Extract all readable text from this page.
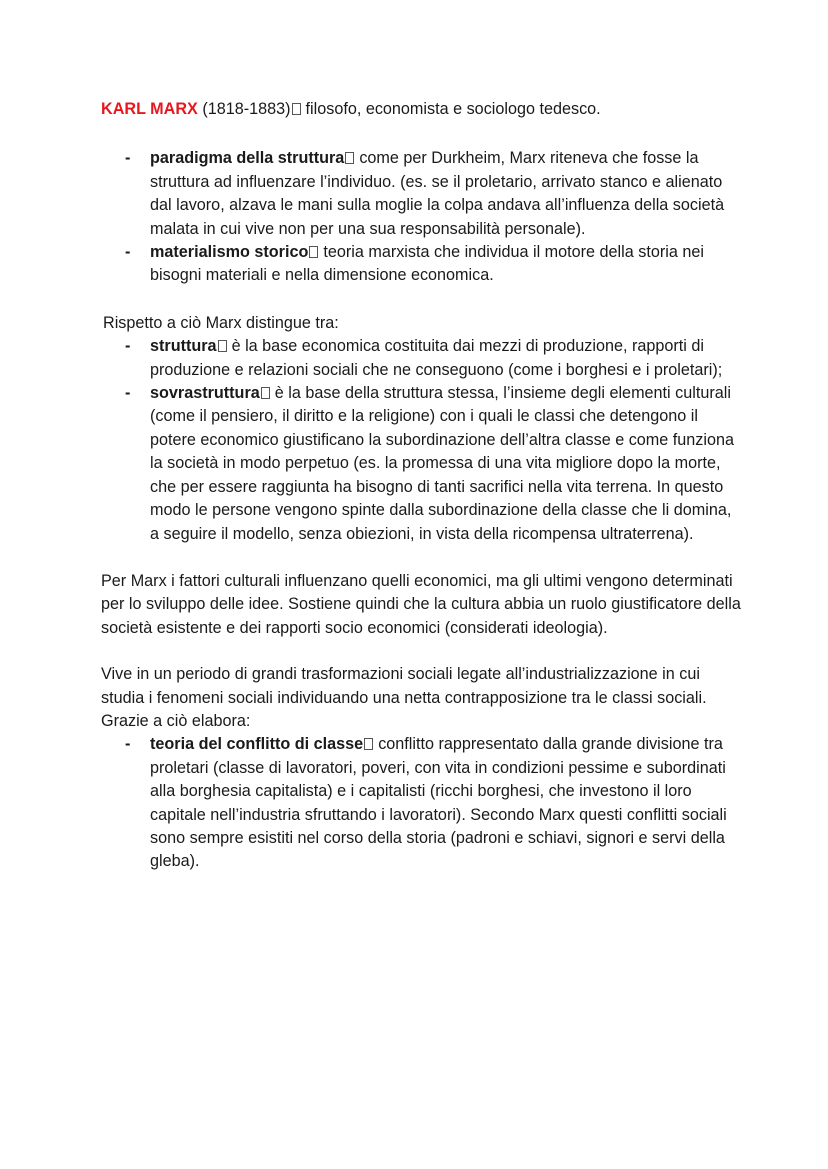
KARL MARX (1818-1883) filosofo, economista e sociologo tedesco.

- paradigma della struttura come per Durkheim, Marx riteneva che fosse la struttura ad influenzare l’individuo. (es. se il proletario, arrivato stanco e alienato dal lavoro, alzava le mani sulla moglie la colpa andava all’influenza della società malata in cui vive non per una sua responsabilità personale).
- materialismo storico teoria marxista che individua il motore della storia nei bisogni materiali e nella dimensione economica.

Rispetto a ciò Marx distingue tra:

- struttura è la base economica costituita dai mezzi di produzione, rapporti di produzione e relazioni sociali che ne conseguono (come i borghesi e i proletari);
- sovrastruttura è la base della struttura stessa, l’insieme degli elementi culturali (come il pensiero, il diritto e la religione) con i quali le classi che detengono il potere economico giustificano la subordinazione dell’altra classe e come funziona la società in modo perpetuo (es. la promessa di una vita migliore dopo la morte, che per essere raggiunta ha bisogno di tanti sacrifici nella vita terrena. In questo modo le persone vengono spinte dalla subordinazione della classe che li domina, a seguire il modello, senza obiezioni, in vista della ricompensa ultraterrena).

Per Marx i fattori culturali influenzano quelli economici, ma gli ultimi vengono determinati per lo sviluppo delle idee. Sostiene quindi che la cultura abbia un ruolo giustificatore della società esistente e dei rapporti socio economici (considerati ideologia).

Vive in un periodo di grandi trasformazioni sociali legate all’industrializzazione in cui studia i fenomeni sociali individuando una netta contrapposizione tra le classi sociali.

Grazie a ciò elabora:

- teoria del conflitto di classe conflitto rappresentato dalla grande divisione tra proletari (classe di lavoratori, poveri, con vita in condizioni pessime e subordinati alla borghesia capitalista) e i capitalisti (ricchi borghesi, che investono il loro capitale nell’industria sfruttando i lavoratori). Secondo Marx questi conflitti sociali sono sempre esistiti nel corso della storia (padroni e schiavi, signori e servi della gleba).
